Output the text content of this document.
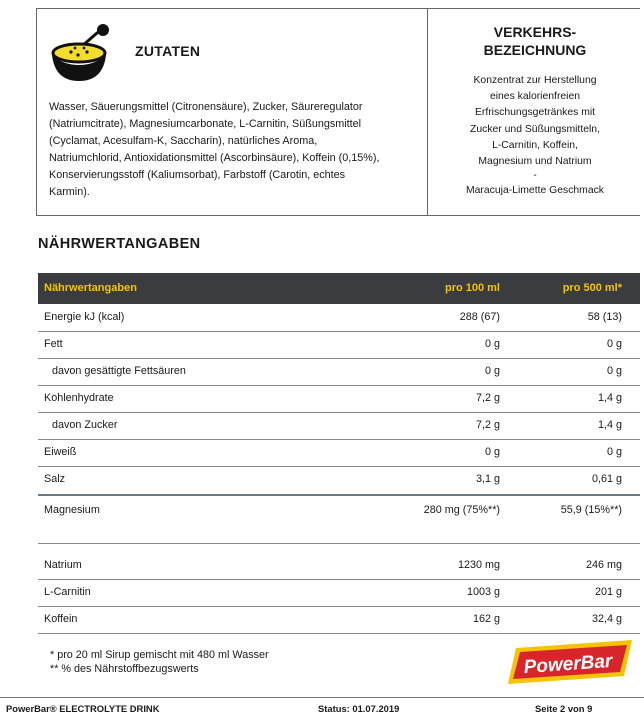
ZUTATEN
Wasser, Säuerungsmittel (Citronensäure), Zucker, Säureregulator
(Natriumcitrate), Magnesiumcarbonate, L-Carnitin, Süßungsmittel
(Cyclamat, Acesulfam-K, Saccharin), natürliches Aroma,
Natriumchlorid, Antioxidationsmittel (Ascorbinsäure), Koffein (0,15%),
Konservierungsstoff (Kaliumsorbat), Farbstoff (Carotin, echtes
Karmin).
VERKEHRS-
BEZEICHNUNG
Konzentrat zur Herstellung
eines kalorienfreien
Erfrischungsgetränkes mit
Zucker und Süßungsmitteln,
L-Carnitin, Koffein,
Magnesium und Natrium
-
Maracuja-Limette Geschmack
NÄHRWERTANGABEN
Nährwertangaben	pro 100 ml	pro 500 ml*
Energie kJ (kcal)	288 (67)	58 (13)
Fett	0 g	0 g
davon gesättigte Fettsäuren	0 g	0 g
Kohlenhydrate	7,2 g	1,4 g
davon Zucker	7,2 g	1,4 g
Eiweiß	0 g	0 g
Salz	3,1 g	0,61 g
Magnesium	280 mg (75%**)	55,9 (15%**)
Natrium	1230 mg	246 mg
L-Carnitin	1003 g	201 g
Koffein	162 g	32,4 g
* pro 20 ml Sirup gemischt mit 480 ml Wasser
** % des Nährstoffbezugswerts	PowerBar
PowerBar® ELECTROLYTE DRINK	Status: 01.07.2019	Seite 2 von 9
